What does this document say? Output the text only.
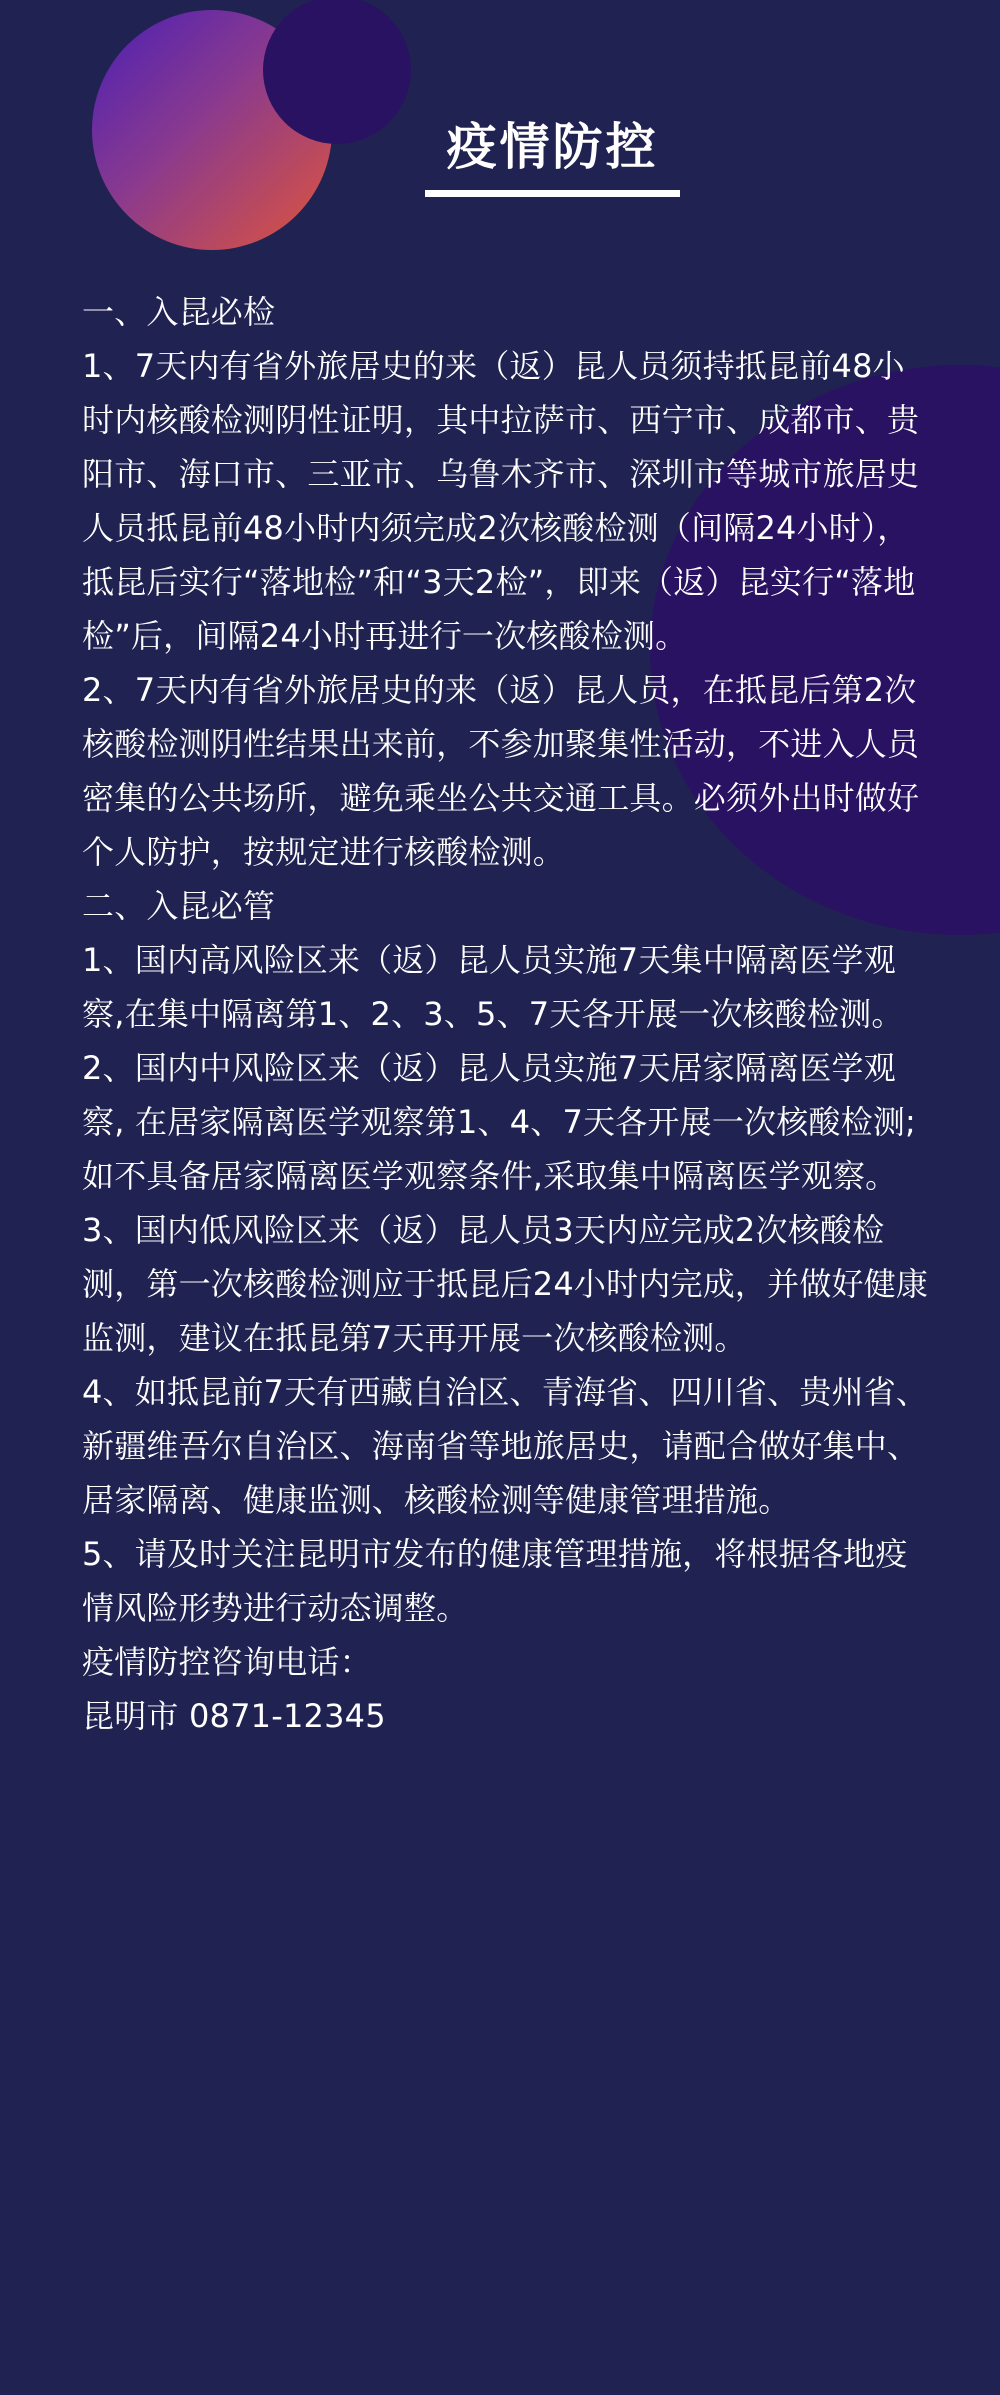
疫情防控

一、入昆必检

1、7天内有省外旅居史的来（返）昆人员须持抵昆前48小时内核酸检测阴性证明，其中拉萨市、西宁市、成都市、贵阳市、海口市、三亚市、乌鲁木齐市、深圳市等城市旅居史人员抵昆前48小时内须完成2次核酸检测（间隔24小时），抵昆后实行“落地检”和“3天2检”，即来（返）昆实行“落地检”后，间隔24小时再进行一次核酸检测。

2、7天内有省外旅居史的来（返）昆人员，在抵昆后第2次核酸检测阴性结果出来前，不参加聚集性活动，不进入人员密集的公共场所，避免乘坐公共交通工具。必须外出时做好个人防护，按规定进行核酸检测。

二、入昆必管

1、国内高风险区来（返）昆人员实施7天集中隔离医学观察,在集中隔离第1、2、3、5、7天各开展一次核酸检测。

2、国内中风险区来（返）昆人员实施7天居家隔离医学观察, 在居家隔离医学观察第1、4、7天各开展一次核酸检测;如不具备居家隔离医学观察条件,采取集中隔离医学观察。

3、国内低风险区来（返）昆人员3天内应完成2次核酸检测，第一次核酸检测应于抵昆后24小时内完成，并做好健康监测，建议在抵昆第7天再开展一次核酸检测。

4、如抵昆前7天有西藏自治区、青海省、四川省、贵州省、新疆维吾尔自治区、海南省等地旅居史，请配合做好集中、居家隔离、健康监测、核酸检测等健康管理措施。

5、请及时关注昆明市发布的健康管理措施，将根据各地疫情风险形势进行动态调整。

疫情防控咨询电话：

昆明市 0871-12345
